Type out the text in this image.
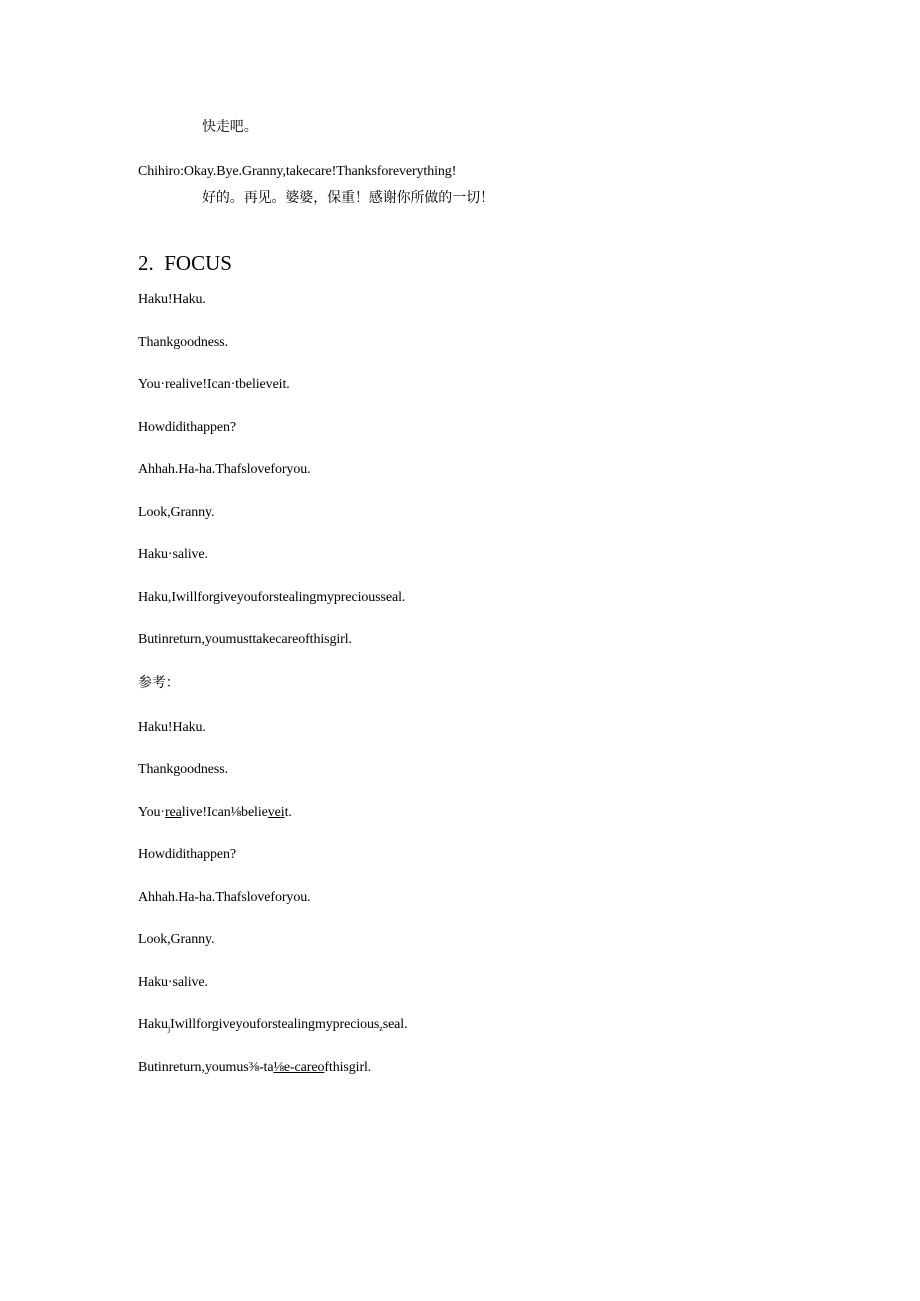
快走吧。
Chihiro:Okay.Bye.Granny,takecare!Thanksforeverything!
好的。再见。婆婆，保重！感谢你所做的一切！
2. FOCUS
Haku!Haku.
Thankgoodness.
You·realive!Ican·tbelieveit.
Howdidithappen?
Ahhah.Ha-ha.Thafsloveforyou.
Look,Granny.
Haku·salive.
Haku,Iwillforgiveyouforstealingmypreciousseal.
Butinreturn,youmusttakecareofthisgirl.
参考：
Haku!Haku.
Thankgoodness.
You·realive!Ican⅛believeit.
Howdidithappen?
Ahhah.Ha-ha.Thafsloveforyou.
Look,Granny.
Haku·salive.
Haku$_j$Iwillforgiveyouforstealingmyprecious$_z$seal.
Butinreturn,youmus⅜-ta⅛e-careofthisgirl.
